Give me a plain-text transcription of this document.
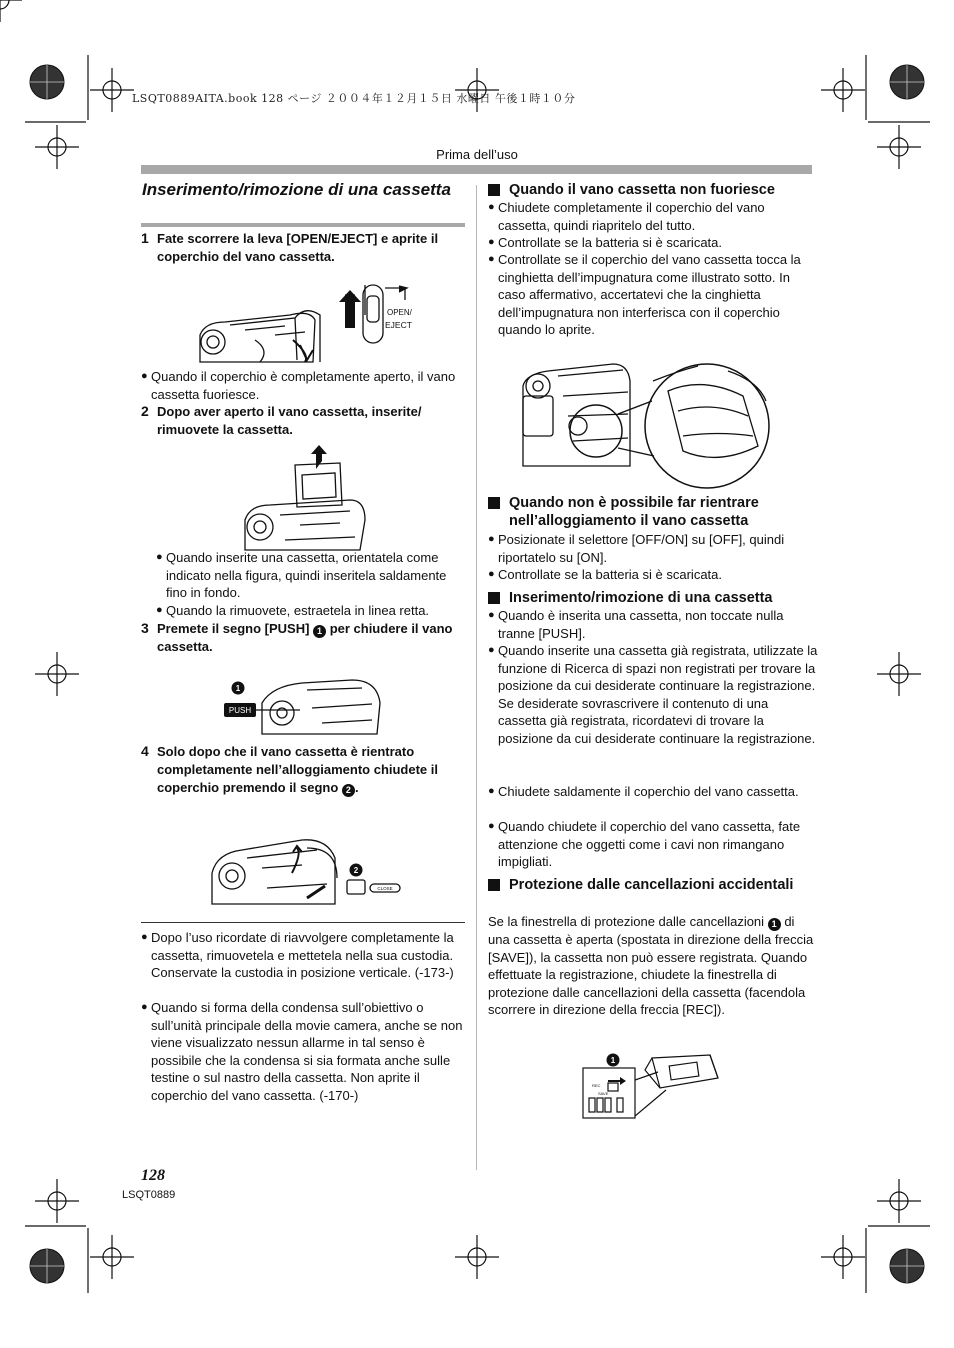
LSQT0889AITA.book 128 ページ ２００４年１２月１５日 水曜日 午後１時１０分
Prima dell’uso
Inserimento/rimozione di una cassetta
1 Fate scorrere la leva [OPEN/EJECT] e aprite il coperchio del vano cassetta.
OPEN/
EJECT
● Quando il coperchio è completamente aperto, il vano cassetta fuoriesce.
2 Dopo aver aperto il vano cassetta, inserite/ rimuovete la cassetta.
● Quando inserite una cassetta, orientatela come indicato nella figura, quindi inseritela saldamente fino in fondo.
● Quando la rimuovete, estraetela in linea retta.
3 Premete il segno [PUSH] 1 per chiudere il vano cassetta.
1
PUSH
4 Solo dopo che il vano cassetta è rientrato completamente nell’alloggiamento chiudete il coperchio premendo il segno 2 .
2
CLOSE
● Dopo l’uso ricordate di riavvolgere completamente la cassetta, rimuovetela e mettetela nella sua custodia. Conservate la custodia in posizione verticale. (-173-)
● Quando si forma della condensa sull’obiettivo o sull’unità principale della movie camera, anche se non viene visualizzato nessun allarme in tal senso è possibile che la condensa si sia formata anche sulle testine o sul nastro della cassetta. Non aprite il coperchio del vano cassetta. (-170-)
Quando il vano cassetta non fuoriesce
● Chiudete completamente il coperchio del vano cassetta, quindi riapritelo del tutto.
● Controllate se la batteria si è scaricata.
● Controllate se il coperchio del vano cassetta tocca la cinghietta dell’impugnatura come illustrato sotto. In caso affermativo, accertatevi che la cinghietta dell’impugnatura non interferisca con il coperchio quando lo aprite.
Quando non è possibile far rientrare nell’alloggiamento il vano cassetta
● Posizionate il selettore [OFF/ON] su [OFF], quindi riportatelo su [ON].
● Controllate se la batteria si è scaricata.
Inserimento/rimozione di una cassetta
● Quando è inserita una cassetta, non toccate nulla tranne [PUSH].
● Quando inserite una cassetta già registrata, utilizzate la funzione di Ricerca di spazi non registrati per trovare la posizione da cui desiderate continuare la registrazione. Se desiderate sovrascrivere il contenuto di una cassetta già registrata, ricordatevi di trovare la posizione da cui desiderate continuare la registrazione.
● Chiudete saldamente il coperchio del vano cassetta.
● Quando chiudete il coperchio del vano cassetta, fate attenzione che oggetti come i cavi non rimangano impigliati.
Protezione dalle cancellazioni accidentali
Se la finestrella di protezione dalle cancellazioni 1 di una cassetta è aperta (spostata in direzione della freccia [SAVE]), la cassetta non può essere registrata. Quando effettuate la registrazione, chiudete la finestrella di protezione dalle cancellazioni della cassetta (facendola scorrere in direzione della freccia [REC]).
1
SAVE
REC
128
LSQT0889
